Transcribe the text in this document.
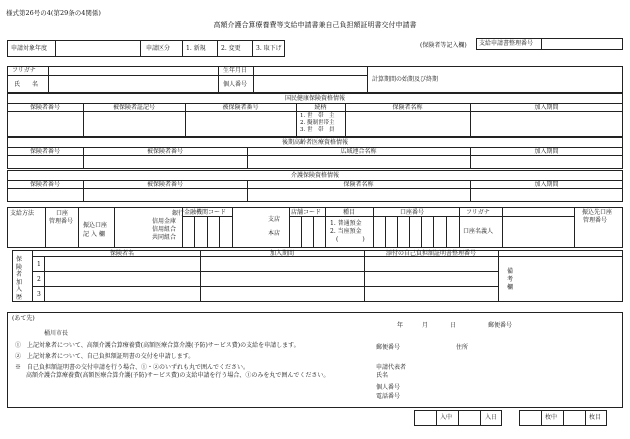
様式第26号の4(第29条の4関係)
高額介護合算療養費等支給申請書兼自己負担額証明書交付申請書
申請対象年度	申請区分	1. 新規	2. 変更	3. 取下げ	(保険者等記入欄) 支給申請書整理番号
フリガナ
氏　　名
生年月日
個人番号
計算期間の始期及び終期
国民健康保険資格情報
保険者番号	被保険者証記号	被保険者番号	続柄	保険者名称	加入期間
1. 世　帯　主
2. 擬制世帯主
3. 世　帯　員
後期高齢者医療資格情報
保険者番号	被保険者番号	広域連合名称	加入期間
介護保険資格情報
保険者番号	被保険者番号	保険者名称	加入期間
支給方法	口座
管理番号
振込口座記 入 欄
銀行
信用金庫
信用組合
共同組合
金融機関コード
支店
本店
店舗コード	種目
1. 普通預金
2. 当座預金
(　　　　)
口座番号	フリガナ
口座名義人
振込先口座
管理番号
保険者加入歴
保険者名	加入期間	添付の自己負担額証明書整理番号
1
2
3
備考欄
(あて先)
桶川市長
年	月	日	郵便番号
①　上記対象者について、高額介護合算療養費(高額医療合算介護(予防)サービス費)の支給を申請します。
②　上記対象者について、自己負担額証明書の交付を申請します。
※　自己負担額証明書の交付申請を行う場合、①・②のいずれも丸で囲んでください。
高額介護合算療養費(高額医療合算介護(予防)サービス費)の支給申請を行う場合、①のみを丸で囲んでください。
郵便番号	住所
申請代表者
氏名
個人番号
電話番号
入中	入日	枚中	枚目
